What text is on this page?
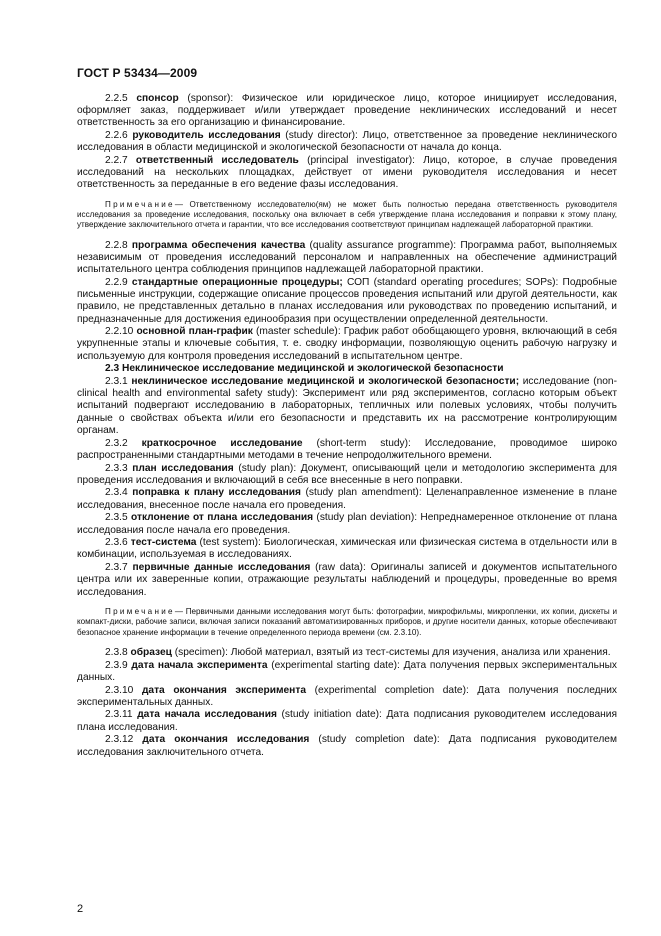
ГОСТ Р 53434—2009
2.2.5 спонсор (sponsor): Физическое или юридическое лицо, которое инициирует исследования, оформляет заказ, поддерживает и/или утверждает проведение неклинических исследований и несет ответственность за его организацию и финансирование.
2.2.6 руководитель исследования (study director): Лицо, ответственное за проведение неклинического исследования в области медицинской и экологической безопасности от начала до конца.
2.2.7 ответственный исследователь (principal investigator): Лицо, которое, в случае проведения исследований на нескольких площадках, действует от имени руководителя исследования и несет ответственность за переданные в его ведение фазы исследования.
Примечание— Ответственному исследователю(ям) не может быть полностью передана ответственность руководителя исследования за проведение исследования, поскольку она включает в себя утверждение плана исследования и поправки к этому плану, утверждение заключительного отчета и гарантии, что все исследования соответствуют принципам надлежащей лабораторной практики.
2.2.8 программа обеспечения качества (quality assurance programme): Программа работ, выполняемых независимым от проведения исследований персоналом и направленных на обеспечение администраций испытательного центра соблюдения принципов надлежащей лабораторной практики.
2.2.9 стандартные операционные процедуры; СОП (standard operating procedures; SOPs): Подробные письменные инструкции, содержащие описание процессов проведения испытаний или другой деятельности, как правило, не представленных детально в планах исследования или руководствах по проведению испытаний, и предназначенные для достижения единообразия при осуществлении определенной деятельности.
2.2.10 основной план-график (master schedule): График работ обобщающего уровня, включающий в себя укрупненные этапы и ключевые события, т. е. сводку информации, позволяющую оценить рабочую нагрузку и используемую для контроля проведения исследований в испытательном центре.
2.3 Неклиническое исследование медицинской и экологической безопасности
2.3.1 неклиническое исследование медицинской и экологической безопасности; исследование (non-clinical health and environmental safety study): Эксперимент или ряд экспериментов, согласно которым объект испытаний подвергают исследованию в лабораторных, тепличных или полевых условиях, чтобы получить данные о свойствах объекта и/или его безопасности и представить их на рассмотрение контролирующим органам.
2.3.2 краткосрочное исследование (short-term study): Исследование, проводимое широко распространенными стандартными методами в течение непродолжительного времени.
2.3.3 план исследования (study plan): Документ, описывающий цели и методологию эксперимента для проведения исследования и включающий в себя все внесенные в него поправки.
2.3.4 поправка к плану исследования (study plan amendment): Целенаправленное изменение в плане исследования, внесенное после начала его проведения.
2.3.5 отклонение от плана исследования (study plan deviation): Непреднамеренное отклонение от плана исследования после начала его проведения.
2.3.6 тест-система (test system): Биологическая, химическая или физическая система в отдельности или в комбинации, используемая в исследованиях.
2.3.7 первичные данные исследования (raw data): Оригиналы записей и документов испытательного центра или их заверенные копии, отражающие результаты наблюдений и процедуры, проведенные во время исследования.
Примечание— Первичными данными исследования могут быть: фотографии, микрофильмы, микропленки, их копии, дискеты и компакт-диски, рабочие записи, включая записи показаний автоматизированных приборов, и другие носители данных, которые обеспечивают безопасное хранение информации в течение определенного периода времени (см. 2.3.10).
2.3.8 образец (specimen): Любой материал, взятый из тест-системы для изучения, анализа или хранения.
2.3.9 дата начала эксперимента (experimental starting date): Дата получения первых экспериментальных данных.
2.3.10 дата окончания эксперимента (experimental completion date): Дата получения последних экспериментальных данных.
2.3.11 дата начала исследования (study initiation date): Дата подписания руководителем исследования плана исследования.
2.3.12 дата окончания исследования (study completion date): Дата подписания руководителем исследования заключительного отчета.
2
